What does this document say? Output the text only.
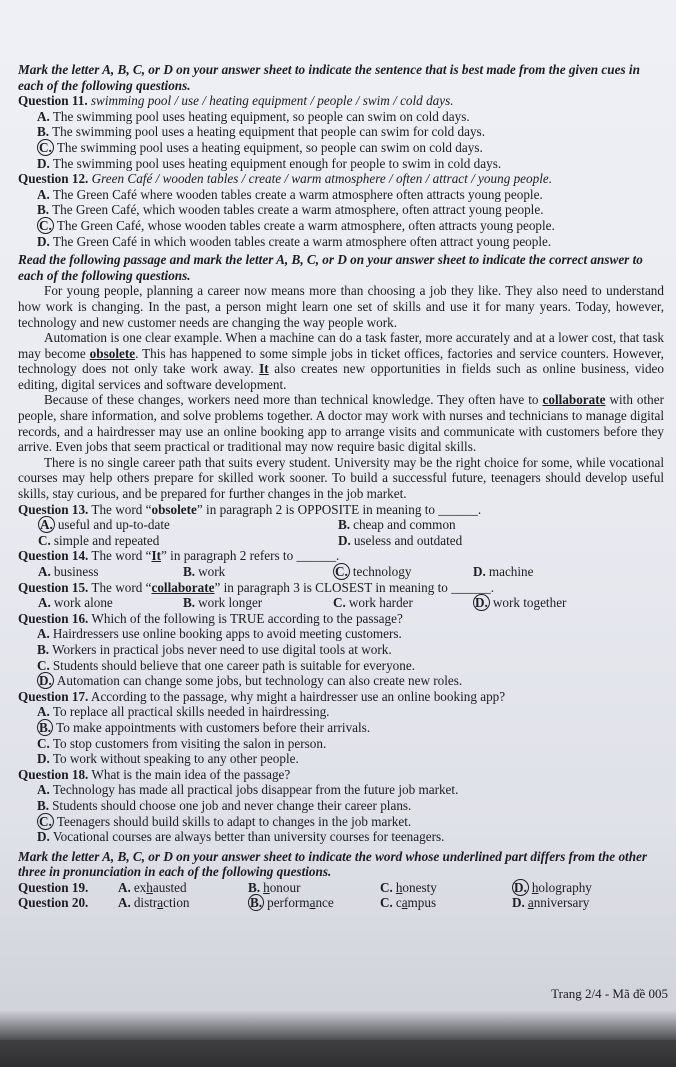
Mark the letter A, B, C, or D on your answer sheet to indicate the sentence that is best made from the given cues in each of the following questions.

Question 11. swimming pool / use / heating equipment / people / swim / cold days.

A. The swimming pool uses heating equipment, so people can swim on cold days.

B. The swimming pool uses a heating equipment that people can swim for cold days.

C. The swimming pool uses a heating equipment, so people can swim on cold days.

D. The swimming pool uses heating equipment enough for people to swim in cold days.

Question 12. Green Café / wooden tables / create / warm atmosphere / often / attract / young people.

A. The Green Café where wooden tables create a warm atmosphere often attracts young people.

B. The Green Café, which wooden tables create a warm atmosphere, often attract young people.

C. The Green Café, whose wooden tables create a warm atmosphere, often attracts young people.

D. The Green Café in which wooden tables create a warm atmosphere often attract young people.

Read the following passage and mark the letter A, B, C, or D on your answer sheet to indicate the correct answer to each of the following questions.

For young people, planning a career now means more than choosing a job they like. They also need to understand how work is changing. In the past, a person might learn one set of skills and use it for many years. Today, however, technology and new customer needs are changing the way people work.

Automation is one clear example. When a machine can do a task faster, more accurately and at a lower cost, that task may become obsolete. This has happened to some simple jobs in ticket offices, factories and service counters. However, technology does not only take work away. It also creates new opportunities in fields such as online business, video editing, digital services and software development.

Because of these changes, workers need more than technical knowledge. They often have to collaborate with other people, share information, and solve problems together. A doctor may work with nurses and technicians to manage digital records, and a hairdresser may use an online booking app to arrange visits and communicate with customers before they arrive. Even jobs that seem practical or traditional may now require basic digital skills.

There is no single career path that suits every student. University may be the right choice for some, while vocational courses may help others prepare for skilled work sooner. To build a successful future, teenagers should develop useful skills, stay curious, and be prepared for further changes in the job market.

Question 13. The word “obsolete” in paragraph 2 is OPPOSITE in meaning to ______.

A. useful and up-to-date	B. cheap and common
C. simple and repeated	D. useless and outdated

Question 14. The word “It” in paragraph 2 refers to ______.

A. business	B. work	C. technology	D. machine

Question 15. The word “collaborate” in paragraph 3 is CLOSEST in meaning to ______.

A. work alone	B. work longer	C. work harder	D. work together

Question 16. Which of the following is TRUE according to the passage?

A. Hairdressers use online booking apps to avoid meeting customers.

B. Workers in practical jobs never need to use digital tools at work.

C. Students should believe that one career path is suitable for everyone.

D. Automation can change some jobs, but technology can also create new roles.

Question 17. According to the passage, why might a hairdresser use an online booking app?

A. To replace all practical skills needed in hairdressing.

B. To make appointments with customers before their arrivals.

C. To stop customers from visiting the salon in person.

D. To work without speaking to any other people.

Question 18. What is the main idea of the passage?

A. Technology has made all practical jobs disappear from the future job market.

B. Students should choose one job and never change their career plans.

C. Teenagers should build skills to adapt to changes in the job market.

D. Vocational courses are always better than university courses for teenagers.

Mark the letter A, B, C, or D on your answer sheet to indicate the word whose underlined part differs from the other three in pronunciation in each of the following questions.

Question 19.	A. exhausted	B. honour	C. honesty	D. holography
Question 20.	A. distraction	B. performance	C. campus	D. anniversary
Trang 2/4 - Mã đề 005
